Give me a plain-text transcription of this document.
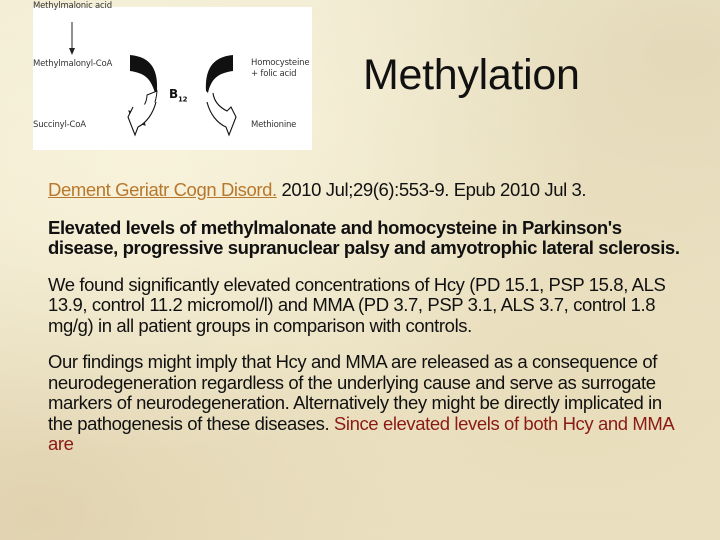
Methylmalonic acid
Methylmalonyl-CoA
Succinyl-CoA
Homocysteine
+ folic acid
Methionine
$B_{12}$
Methylation

Dement Geriatr Cogn Disord. 2010 Jul;29(6):553-9. Epub 2010 Jul 3.

Elevated levels of methylmalonate and homocysteine in Parkinson's disease, progressive supranuclear palsy and amyotrophic lateral sclerosis.

We found significantly elevated concentrations of Hcy (PD 15.1, PSP 15.8, ALS 13.9, control 11.2 micromol/l) and MMA (PD 3.7, PSP 3.1, ALS 3.7, control 1.8 mg/g) in all patient groups in comparison with controls.

Our findings might imply that Hcy and MMA are released as a consequence of neurodegeneration regardless of the underlying cause and serve as surrogate markers of neurodegeneration. Alternatively they might be directly implicated in the pathogenesis of these diseases. Since elevated levels of both Hcy and MMA are
